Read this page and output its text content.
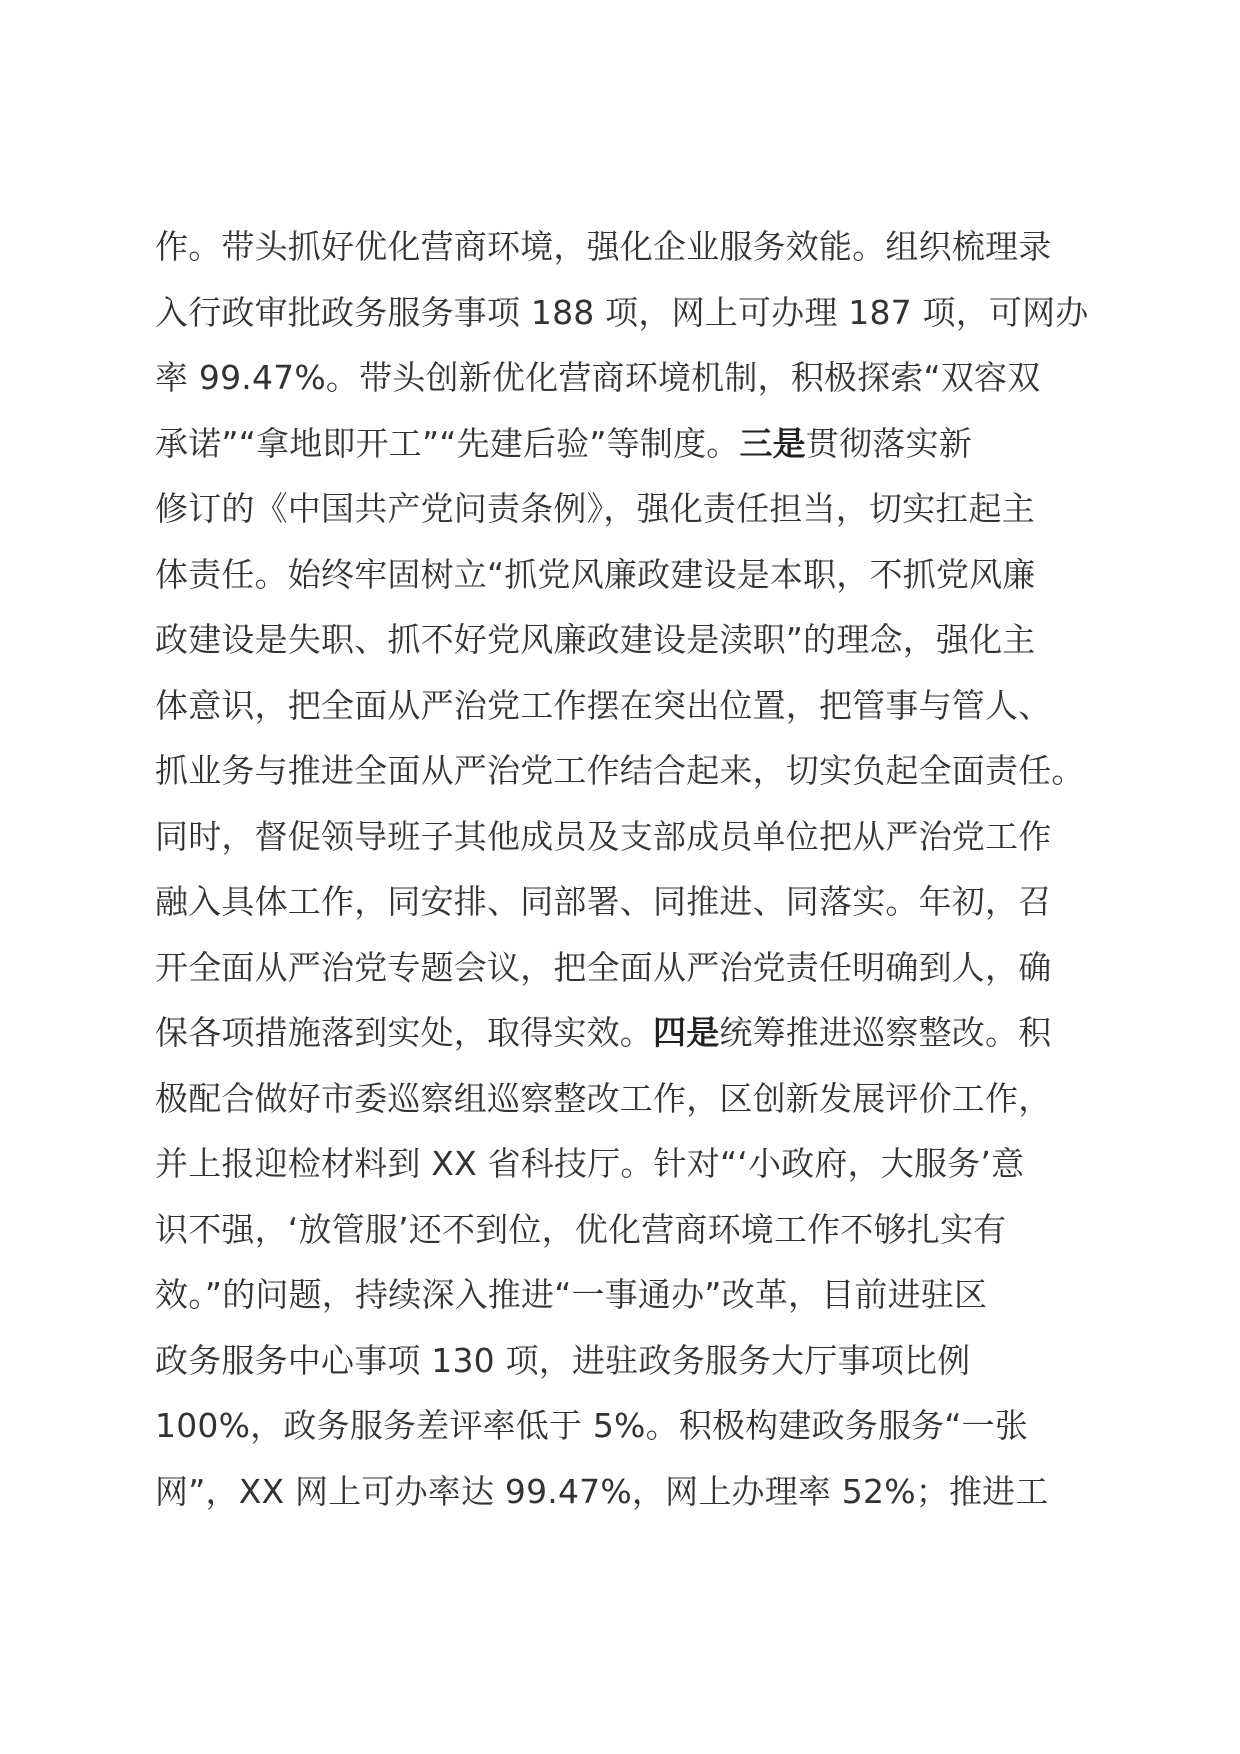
作。带头抓好优化营商环境，强化企业服务效能。组织梳理录
入行政审批政务服务事项 188 项，网上可办理 187 项，可网办
率 99.47%。带头创新优化营商环境机制，积极探索“双容双
承诺”“拿地即开工”“先建后验”等制度。三是贯彻落实新
修订的《中国共产党问责条例》，强化责任担当，切实扛起主
体责任。始终牢固树立“抓党风廉政建设是本职，不抓党风廉
政建设是失职、抓不好党风廉政建设是渎职”的理念，强化主
体意识，把全面从严治党工作摆在突出位置，把管事与管人、
抓业务与推进全面从严治党工作结合起来，切实负起全面责任。
同时，督促领导班子其他成员及支部成员单位把从严治党工作
融入具体工作，同安排、同部署、同推进、同落实。年初，召
开全面从严治党专题会议，把全面从严治党责任明确到人，确
保各项措施落到实处，取得实效。四是统筹推进巡察整改。积
极配合做好市委巡察组巡察整改工作，区创新发展评价工作，
并上报迎检材料到 XX 省科技厅。针对“‘小政府，大服务’意
识不强，‘放管服’还不到位，优化营商环境工作不够扎实有
效。”的问题，持续深入推进“一事通办”改革，目前进驻区
政务服务中心事项 130 项，进驻政务服务大厅事项比例
100%，政务服务差评率低于 5%。积极构建政务服务“一张
网”，XX 网上可办率达 99.47%，网上办理率 52%；推进工
